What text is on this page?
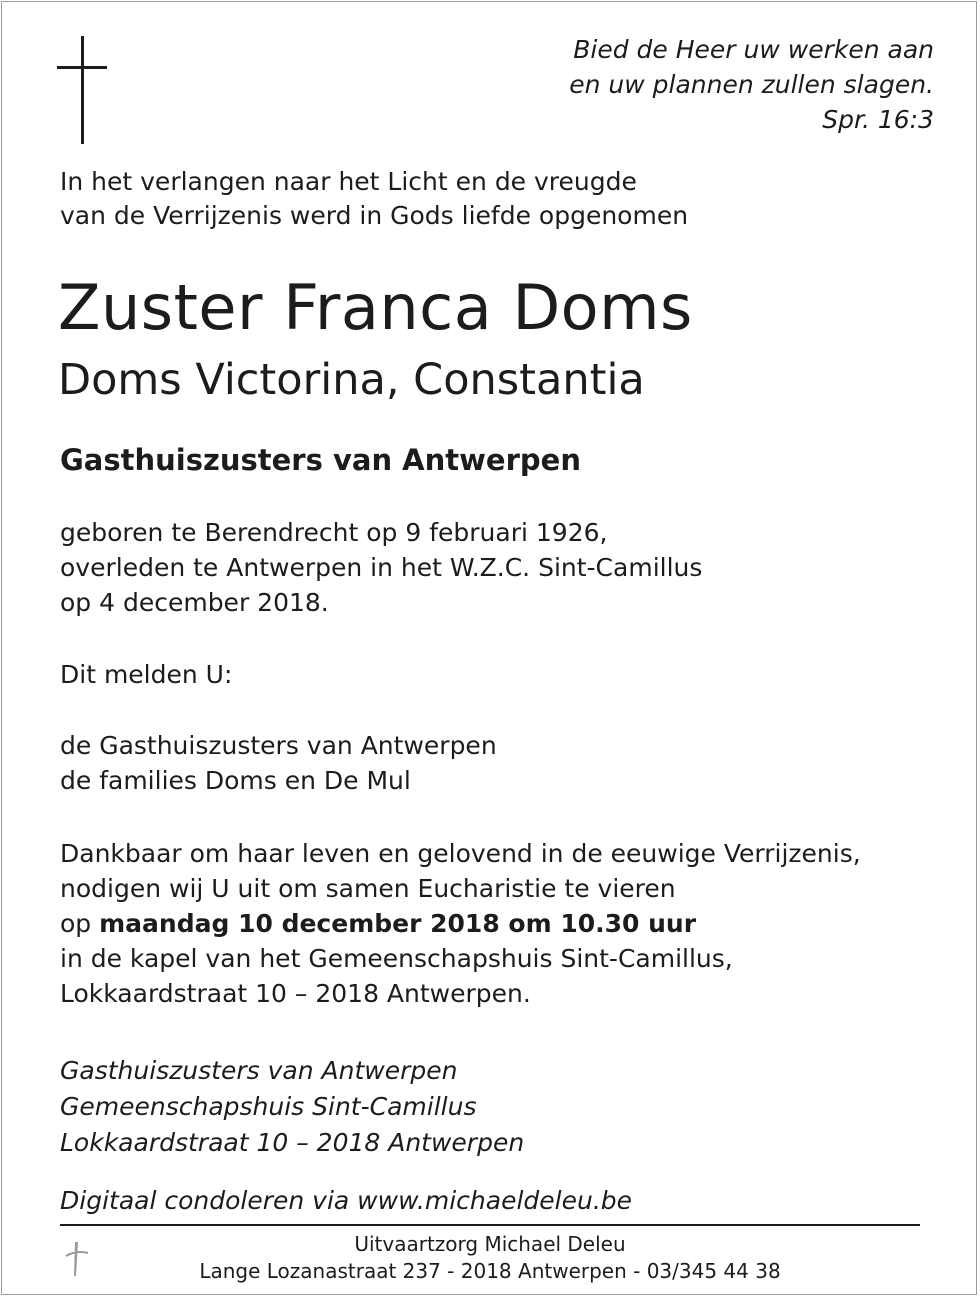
Bied de Heer uw werken aan
en uw plannen zullen slagen.
Spr. 16:3
In het verlangen naar het Licht en de vreugde
van de Verrijzenis werd in Gods liefde opgenomen
Zuster Franca Doms
Doms Victorina, Constantia
Gasthuiszusters van Antwerpen
geboren te Berendrecht op 9 februari 1926,
overleden te Antwerpen in het W.Z.C. Sint-Camillus
op 4 december 2018.
Dit melden U:
de Gasthuiszusters van Antwerpen
de families Doms en De Mul
Dankbaar om haar leven en gelovend in de eeuwige Verrijzenis,
nodigen wij U uit om samen Eucharistie te vieren
op maandag 10 december 2018 om 10.30 uur
in de kapel van het Gemeenschapshuis Sint-Camillus,
Lokkaardstraat 10 – 2018 Antwerpen.
Gasthuiszusters van Antwerpen
Gemeenschapshuis Sint-Camillus
Lokkaardstraat 10 – 2018 Antwerpen
Digitaal condoleren via www.michaeldeleu.be
Uitvaartzorg Michael Deleu
Lange Lozanastraat 237 - 2018 Antwerpen - 03/345 44 38
